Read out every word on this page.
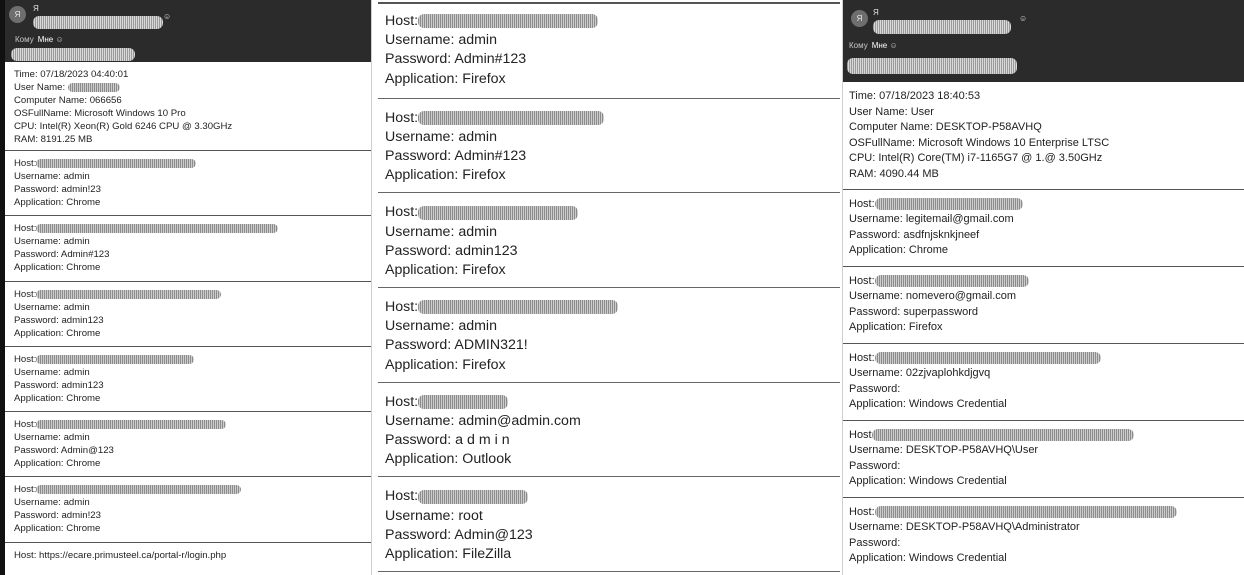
Я
Я
☺
Кому Мне ☺
Time: 07/18/2023 04:40:01
User Name:
Computer Name: 066656
OSFullName: Microsoft Windows 10 Pro
CPU: Intel(R) Xeon(R) Gold 6246 CPU @ 3.30GHz
RAM: 8191.25 MB
Host:
Username: admin
Password: admin!23
Application: Chrome
Host:
Username: admin
Password: Admin#123
Application: Chrome
Host:
Username: admin
Password: admin123
Application: Chrome
Host:
Username: admin
Password: admin123
Application: Chrome
Host:
Username: admin
Password: Admin@123
Application: Chrome
Host:
Username: admin
Password: admin!23
Application: Chrome
Host: https://ecare.primusteel.ca/portal-r/login.php
Host:
Username: admin
Password: Admin#123
Application: Firefox
Host:
Username: admin
Password: Admin#123
Application: Firefox
Host:
Username: admin
Password: admin123
Application: Firefox
Host:
Username: admin
Password: ADMIN321!
Application: Firefox
Host:
Username: admin@admin.com
Password: a d m i n
Application: Outlook
Host:
Username: root
Password: Admin@123
Application: FileZilla
Я
Я
☺
Кому Мне ☺
Time: 07/18/2023 18:40:53
User Name: User
Computer Name: DESKTOP-P58AVHQ
OSFullName: Microsoft Windows 10 Enterprise LTSC
CPU: Intel(R) Core(TM) i7-1165G7 @ 1.@ 3.50GHz
RAM: 4090.44 MB
Host:
Username: legitemail@gmail.com
Password: asdfnjsknkjneef
Application: Chrome
Host:
Username: nomevero@gmail.com
Password: superpassword
Application: Firefox
Host:
Username: 02zjvaplohkdjgvq
Password:
Application: Windows Credential
Host
Username: DESKTOP-P58AVHQ\User
Password:
Application: Windows Credential
Host:
Username: DESKTOP-P58AVHQ\Administrator
Password:
Application: Windows Credential
